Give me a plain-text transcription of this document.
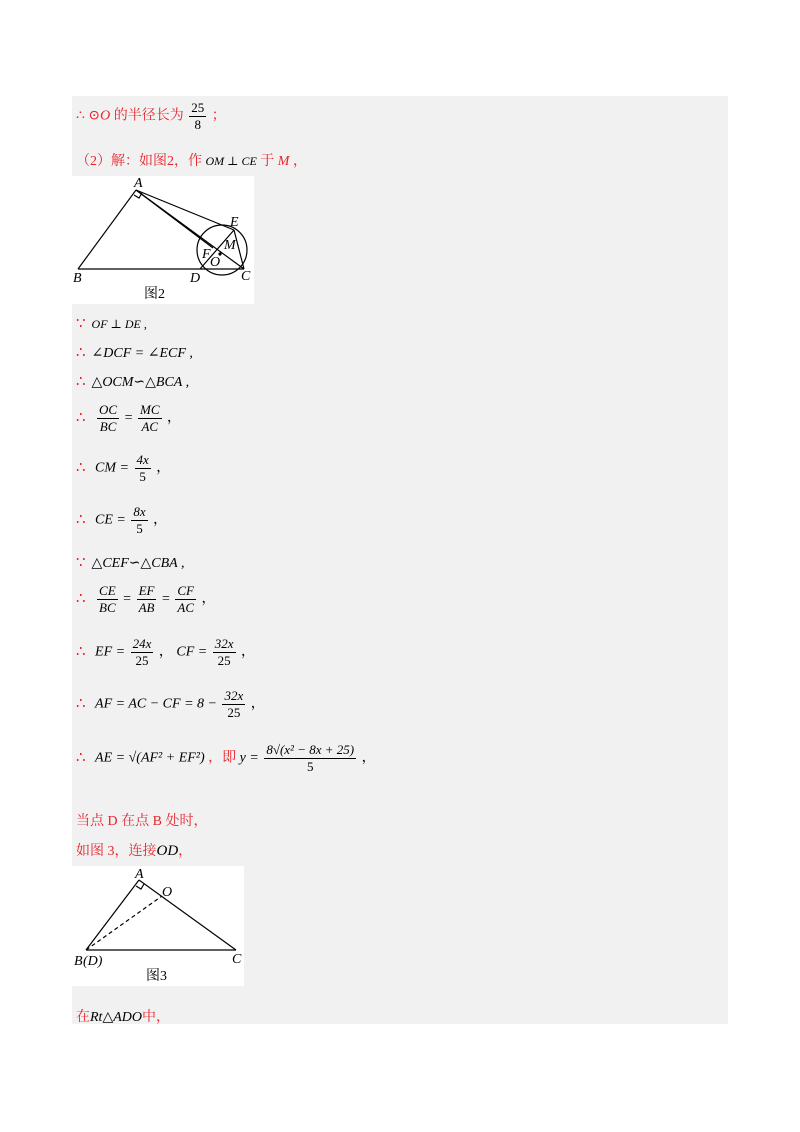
∴ ⊙O 的半径长为 $\frac{25}{8}$ ；
（2）解：如图2，作 OM ⊥ CE 于 M ，
A
B	C
D
E
F
M
O
图2
∵ OF ⊥ DE ,
∴ ∠DCF = ∠ECF ,
∴ △OCM∽△BCA ,
∴ $\frac{OC}{BC} = \frac{MC}{AC}$ ，
∴ CM = $\frac{4x}{5}$ ，
∴ CE = $\frac{8x}{5}$ ，
∵ △CEF∽△CBA ,
∴ $\frac{CE}{BC} = \frac{EF}{AB} = \frac{CF}{AC}$ ，
∴ EF = $\frac{24x}{25}$ ， CF = $\frac{32x}{25}$ ，
∴ AF = AC − CF = $8 - \frac{32x}{25}$ ，
∴ AE = √(AF² + EF²) ，即 $y = \frac{\text{8√(x² − 8x + 25)}}{5}$ ，
当点 D 在点 B 处时，
如图 3，连接OD，
A
O
B (D)	C
图3
在Rt△ADO中，
